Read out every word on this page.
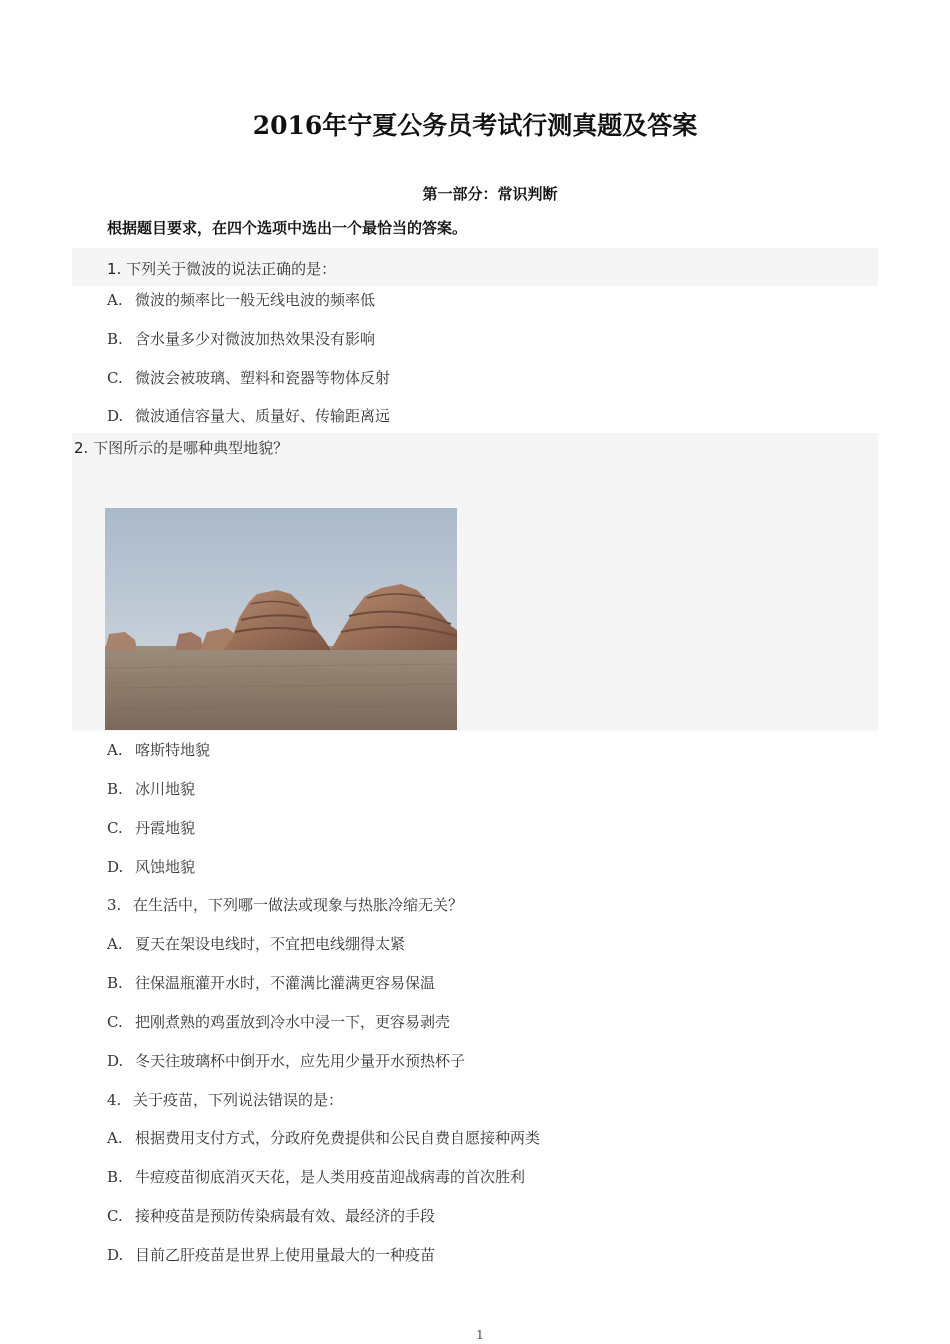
2016年宁夏公务员考试行测真题及答案
第一部分：常识判断
根据题目要求，在四个选项中选出一个最恰当的答案。
1. 下列关于微波的说法正确的是：
A. 微波的频率比一般无线电波的频率低
B. 含水量多少对微波加热效果没有影响
C. 微波会被玻璃、塑料和瓷器等物体反射
D. 微波通信容量大、质量好、传输距离远
2. 下图所示的是哪种典型地貌？
A. 喀斯特地貌
B. 冰川地貌
C. 丹霞地貌
D. 风蚀地貌
3. 在生活中，下列哪一做法或现象与热胀冷缩无关？
A. 夏天在架设电线时，不宜把电线绷得太紧
B. 往保温瓶灌开水时，不灌满比灌满更容易保温
C. 把刚煮熟的鸡蛋放到冷水中浸一下，更容易剥壳
D. 冬天往玻璃杯中倒开水，应先用少量开水预热杯子
4. 关于疫苗，下列说法错误的是：
A. 根据费用支付方式，分政府免费提供和公民自费自愿接种两类
B. 牛痘疫苗彻底消灭天花，是人类用疫苗迎战病毒的首次胜利
C. 接种疫苗是预防传染病最有效、最经济的手段
D. 目前乙肝疫苗是世界上使用量最大的一种疫苗
1
